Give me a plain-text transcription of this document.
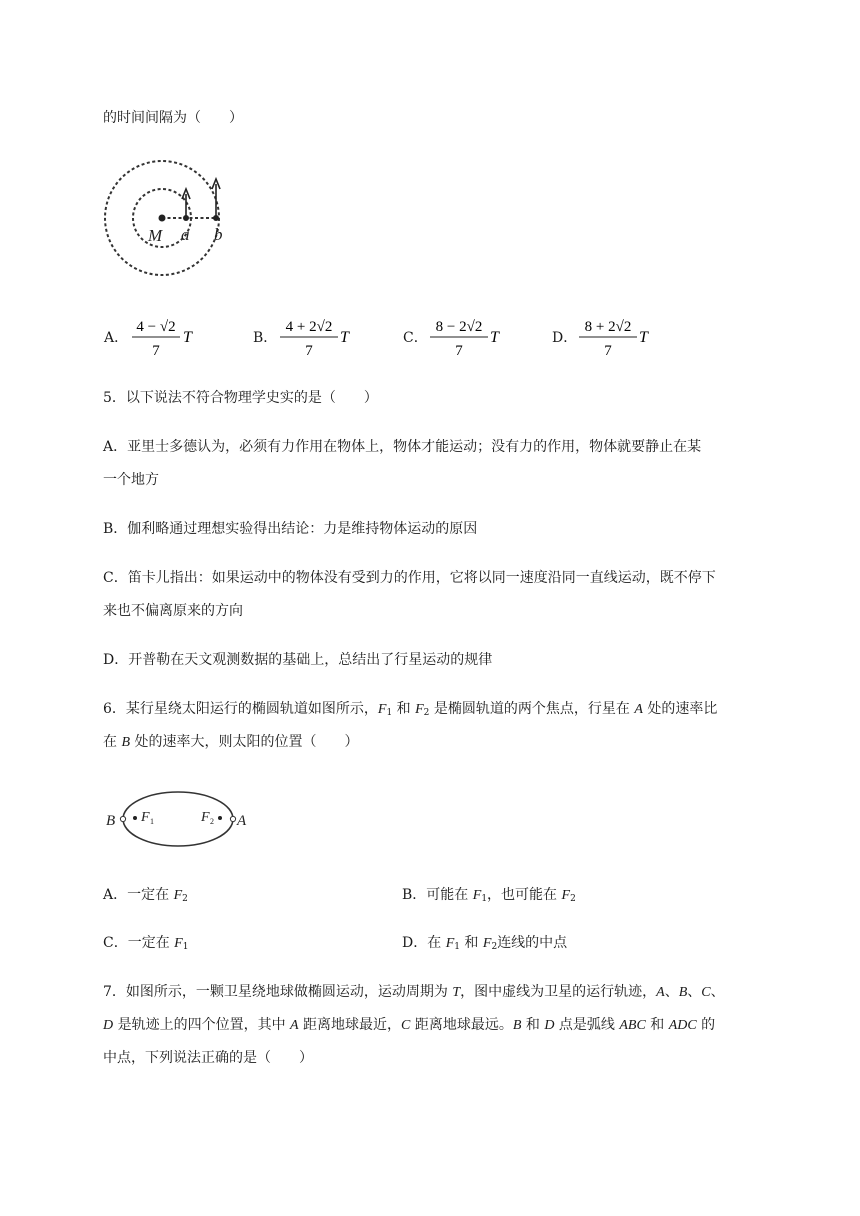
的时间间隔为（　　）
M a b
A．
4 − √2
7
T	B．
4 + 2√2
7
T	C．
8 − 2√2
7
T	D．
8 + 2√2
7
T
5．以下说法不符合物理学史实的是（　　）
A．亚里士多德认为，必须有力作用在物体上，物体才能运动；没有力的作用，物体就要静止在某
一个地方
B．伽利略通过理想实验得出结论：力是维持物体运动的原因
C．笛卡儿指出：如果运动中的物体没有受到力的作用，它将以同一速度沿同一直线运动，既不停下
来也不偏离原来的方向
D．开普勒在天文观测数据的基础上，总结出了行星运动的规律
6．某行星绕太阳运行的椭圆轨道如图所示，$F_1$ 和 $F_2$ 是椭圆轨道的两个焦点，行星在 A 处的速率比
在 B 处的速率大，则太阳的位置（　　）
B	A
F 1	F 2
A．一定在 $F_2$	B．可能在 $F_1$，也可能在 $F_2$
C．一定在 $F_1$	D．在 $F_1$ 和 $F_2$连线的中点
7．如图所示，一颗卫星绕地球做椭圆运动，运动周期为 T，图中虚线为卫星的运行轨迹，A、B、C、
D 是轨迹上的四个位置，其中 A 距离地球最近，C 距离地球最远。B 和 D 点是弧线 ABC 和 ADC 的
中点，下列说法正确的是（　　）
